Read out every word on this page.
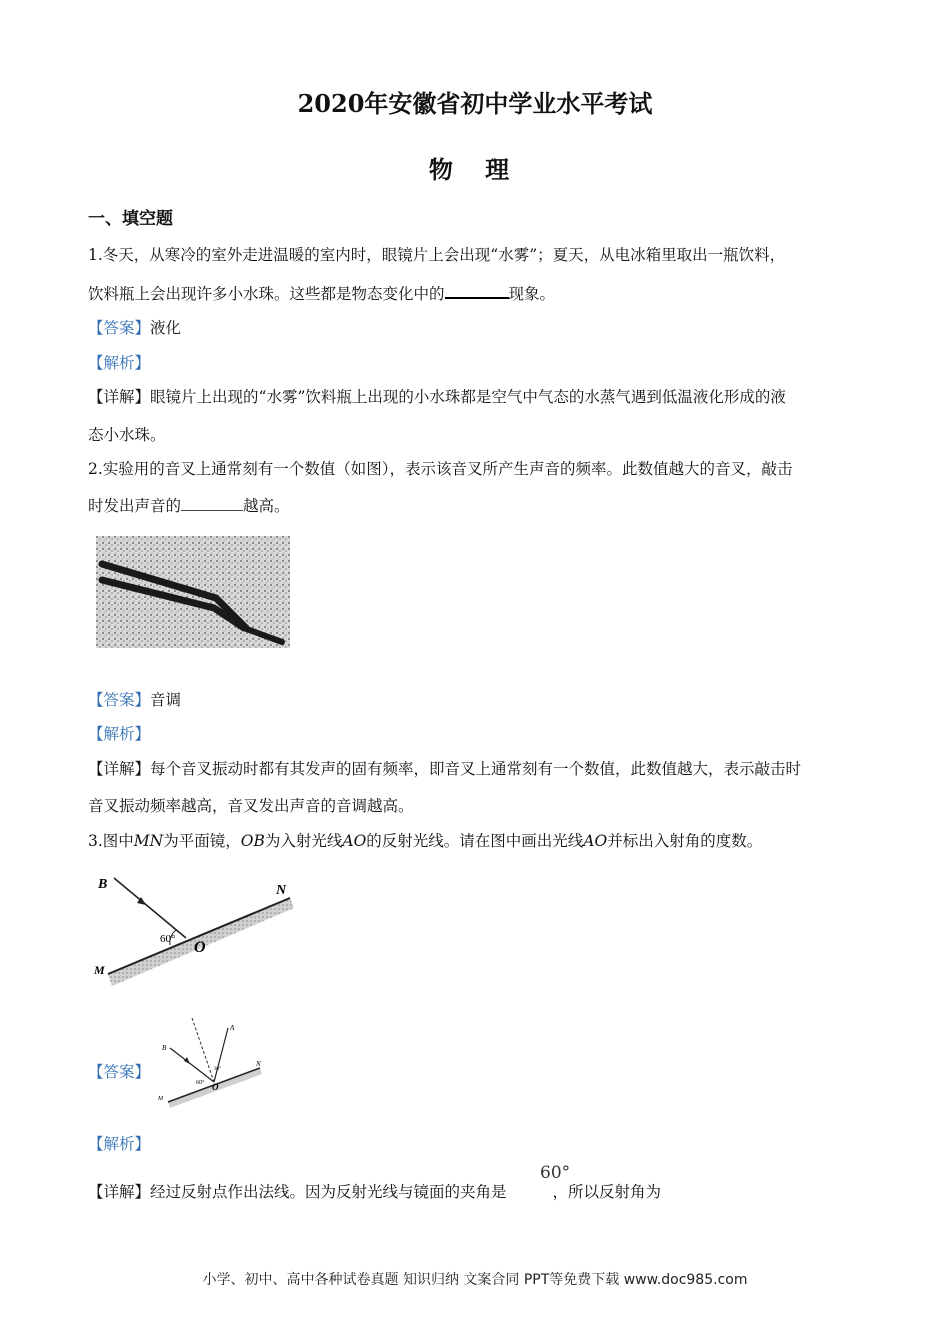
2020年安徽省初中学业水平考试
物 理
一、填空题
1.冬天，从寒冷的室外走进温暖的室内时，眼镜片上会出现“水雾”；夏天，从电冰箱里取出一瓶饮料，
饮料瓶上会出现许多小水珠。这些都是物态变化中的	现象。
【答案】液化
【解析】
【详解】眼镜片上出现的“水雾”饮料瓶上出现的小水珠都是空气中气态的水蒸气遇到低温液化形成的液
态小水珠。
2.实验用的音叉上通常刻有一个数值（如图），表示该音叉所产生声音的频率。此数值越大的音叉，敲击
时发出声音的	越高。
【答案】音调
【解析】
【详解】每个音叉振动时都有其发声的固有频率，即音叉上通常刻有一个数值，此数值越大，表示敲击时
音叉振动频率越高，音叉发出声音的音调越高。
3.图中MN为平面镜，OB为入射光线AO的反射光线。请在图中画出光线AO并标出入射角的度数。
B	N
M
O
60°
【答案】
A
B
N
M
O
60°
30°
【解析】
【详解】经过反射点作出法线。因为反射光线与镜面的夹角是	，所以反射角为
60°
小学、初中、高中各种试卷真题 知识归纳 文案合同 PPT等免费下载 www.doc985.com
